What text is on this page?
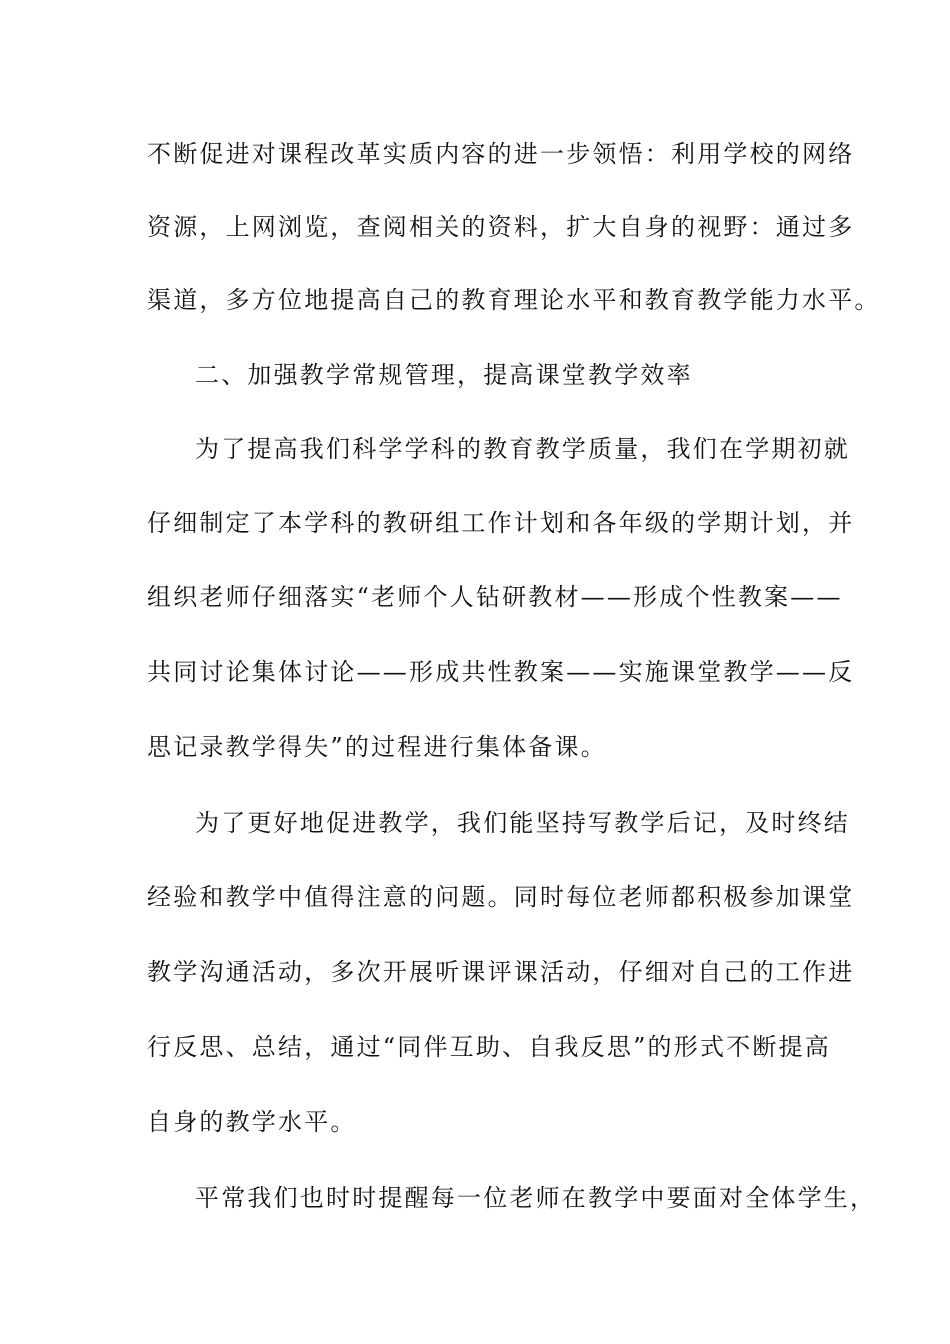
不断促进对课程改革实质内容的进一步领悟：利用学校的网络
资源，上网浏览，查阅相关的资料，扩大自身的视野：通过多
渠道，多方位地提高自己的教育理论水平和教育教学能力水平。
二、加强教学常规管理，提高课堂教学效率
为了提高我们科学学科的教育教学质量，我们在学期初就
仔细制定了本学科的教研组工作计划和各年级的学期计划，并
组织老师仔细落实“老师个人钻研教材——形成个性教案——
共同讨论集体讨论——形成共性教案——实施课堂教学——反
思记录教学得失”的过程进行集体备课。
为了更好地促进教学，我们能坚持写教学后记，及时终结
经验和教学中值得注意的问题。同时每位老师都积极参加课堂
教学沟通活动，多次开展听课评课活动，仔细对自己的工作进
行反思、总结，通过“同伴互助、自我反思”的形式不断提高
自身的教学水平。
平常我们也时时提醒每一位老师在教学中要面对全体学生，
